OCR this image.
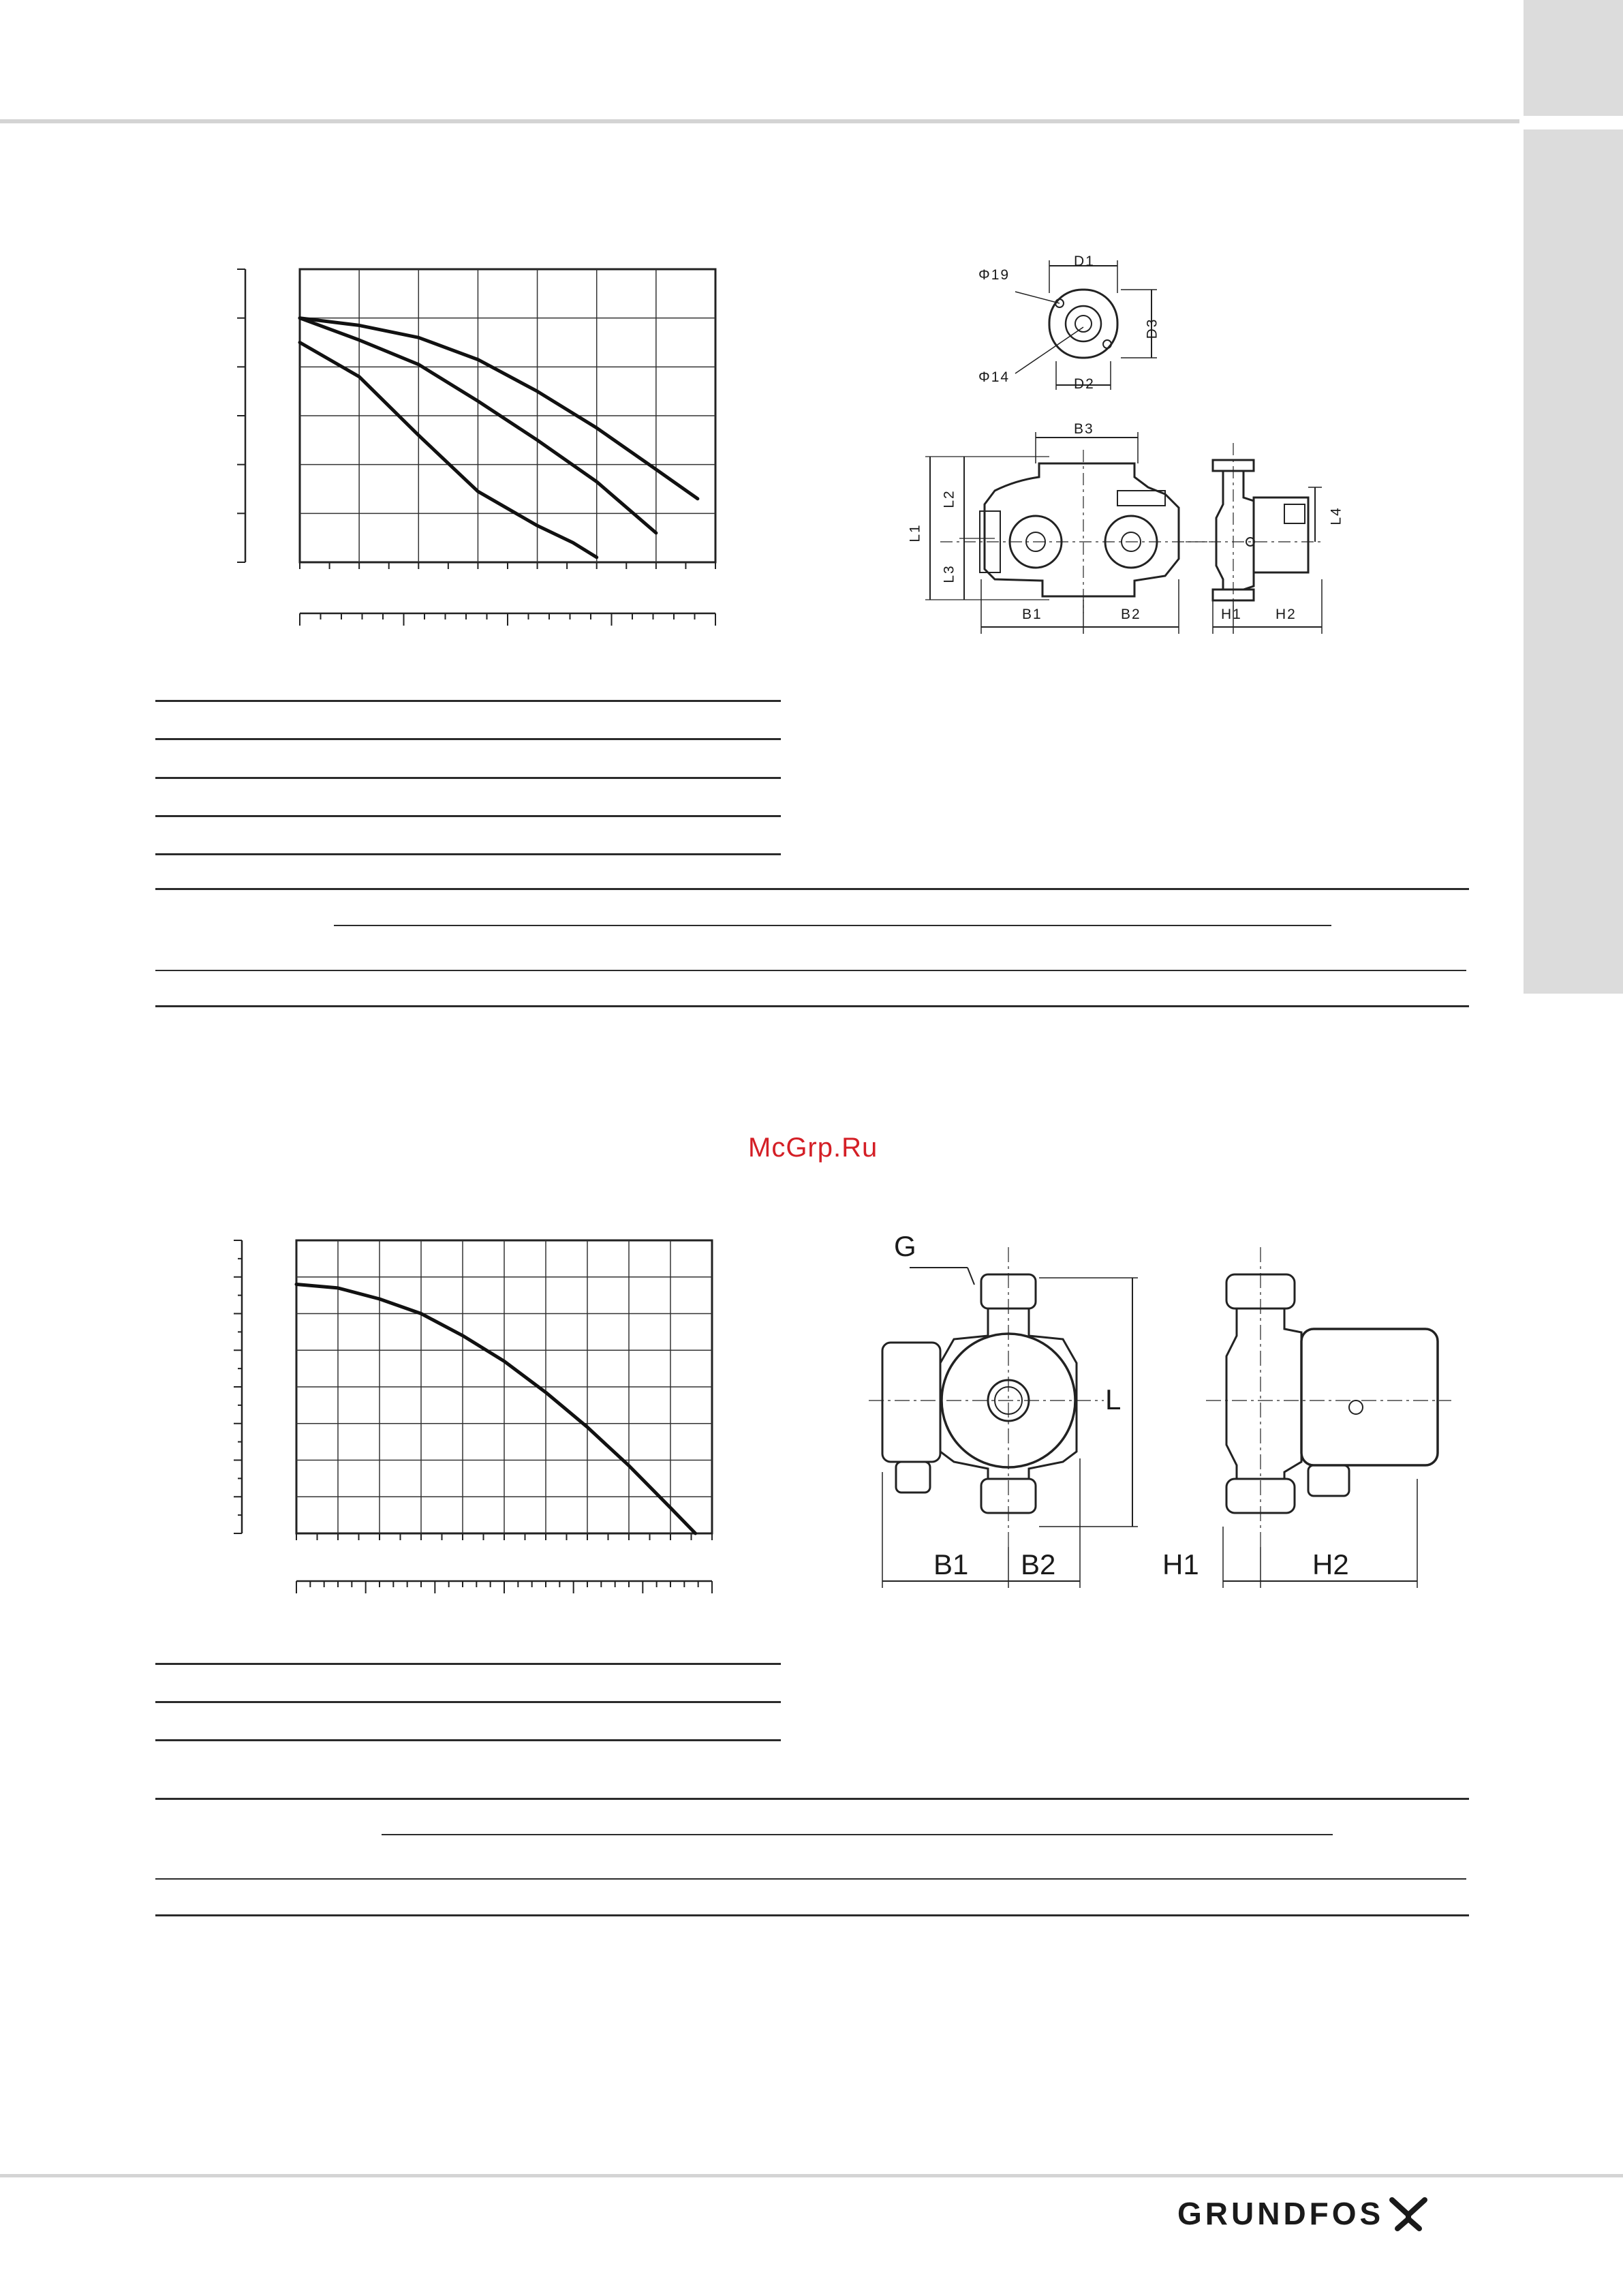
D1
D2
D3
Φ19
Φ14
B3
L1
L2
L3
L4
B1	B2	H1 H2
McGrp.Ru
G
L
B1 B2	H1	H2
GRUNDFOS
